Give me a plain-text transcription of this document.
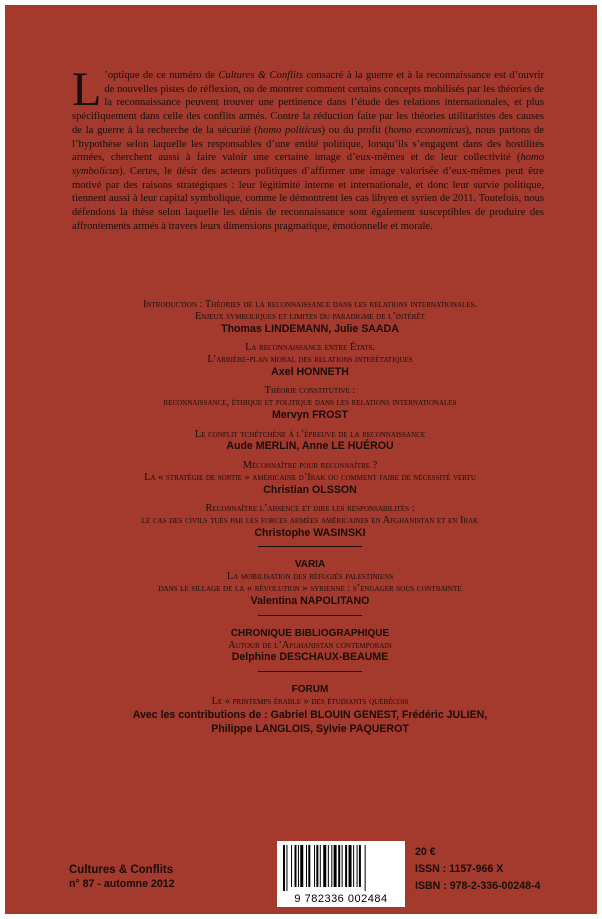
L ’optique de ce numéro de Cultures & Conflits consacré à la guerre et à la reconnaissance est d’ouvrir de nouvelles pistes de réflexion, ou de montrer comment certains concepts mobilisés par les théories de la reconnaissance peuvent trouver une pertinence dans l’étude des relations internationales, et plus spécifiquement dans celle des conflits armés. Contre la réduction faite par les théories utilitaristes des causes de la guerre à la recherche de la sécurité (homo politicus) ou du profit (homo economicus), nous partons de l’hypothèse selon laquelle les responsables d’une entité politique, lorsqu’ils s’engagent dans des hostilités armées, cherchent aussi à faire valoir une certaine image d’eux-mêmes et de leur collectivité (homo symbolicus). Certes, le désir des acteurs politiques d’affirmer une image valorisée d’eux-mêmes peut être motivé par des raisons stratégiques : leur légitimité interne et internationale, et donc leur survie politique, tiennent aussi à leur capital symbolique, comme le démontrent les cas libyen et syrien de 2011. Toutefois, nous défendons la thèse selon laquelle les dénis de reconnaissance sont également susceptibles de produire des affrontements armés à travers leurs dimensions pragmatique, émotionnelle et morale.
Introduction : Théories de la reconnaissance dans les relations internationales.
Enjeux symboliques et limites du paradigme de l’intérêt
Thomas LINDEMANN, Julie SAADA
La reconnaissance entre États.
L’arrière-plan moral des relations interétatiques
Axel HONNETH
Théorie constitutive :
reconnaissance, éthique et politique dans les relations internationales
Mervyn FROST
Le conflit tchétchène à l’épreuve de la reconnaissance
Aude MERLIN, Anne LE HUÉROU
Méconnaître pour reconnaître ?
La « stratégie de sortie » américaine d’Irak ou comment faire de nécessité vertu
Christian OLSSON
Reconnaître l’absence et dire les responsabilités :
le cas des civils tués par les forces armées américaines en Afghanistan et en Irak
Christophe WASINSKI
VARIA
La mobilisation des réfugiés palestiniens
dans le sillage de la « révolution » syrienne : s’engager sous contrainte
Valentina NAPOLITANO
CHRONIQUE BIBLIOGRAPHIQUE
Autour de l’Afghanistan contemporain
Delphine DESCHAUX-BEAUME
FORUM
Le « printemps érable » des étudiants québécois
Avec les contributions de : Gabriel BLOUIN GENEST, Frédéric JULIEN,
Philippe LANGLOIS, Sylvie PAQUEROT
Cultures & Conflits
n° 87 - automne 2012
9 782336 002484
20 €
ISSN : 1157-966 X
ISBN : 978-2-336-00248-4
